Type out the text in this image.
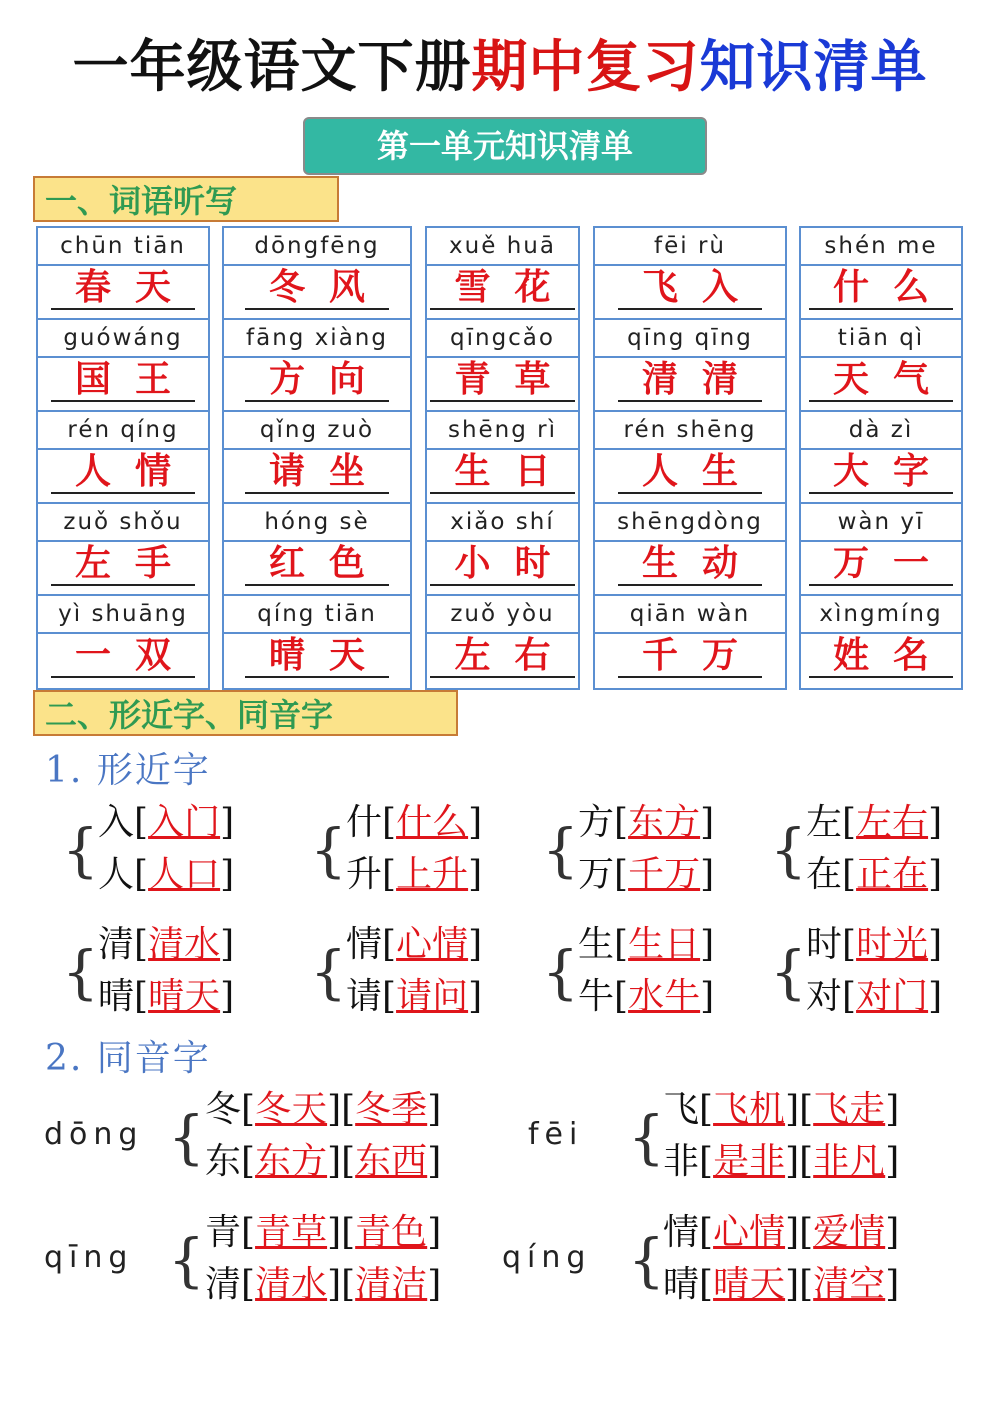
一年级语文下册期中复习知识清单
第一单元知识清单
一、词语听写
chūn tiān
春天
guówáng
国王
rén qíng
人情
zuǒ shǒu
左手
yì shuāng
一双
dōngfēng
冬风
fāng xiàng
方向
qǐng zuò
请坐
hóng sè
红色
qíng tiān
晴天
xuě huā
雪花
qīngcǎo
青草
shēng rì
生日
xiǎo shí
小时
zuǒ yòu
左右
fēi rù
飞入
qīng qīng
清清
rén shēng
人生
shēngdòng
生动
qiān wàn
千万
shén me
什么
tiān qì
天气
dà zì
大字
wàn yī
万一
xìngmíng
姓名
二、形近字、同音字
1. 形近字
{ 入[入门]
人[人口] { 什[什么]
升[上升] { 方[东方]
万[千万] { 左[左右]
在[正在]
{ 清[清水]
晴[晴天] { 情[心情]
请[请问] { 生[生日]
牛[水牛] { 时[时光]
对[对门]
2. 同音字
dōng { 冬[冬天][冬季]
东[东方][东西]
fēi {
飞[飞机][飞走]
非[是非][非凡]
qīng { 青[青草][青色]
清[清水][清洁]
qíng {
情[心情][爱情]
晴[晴天][清空]
